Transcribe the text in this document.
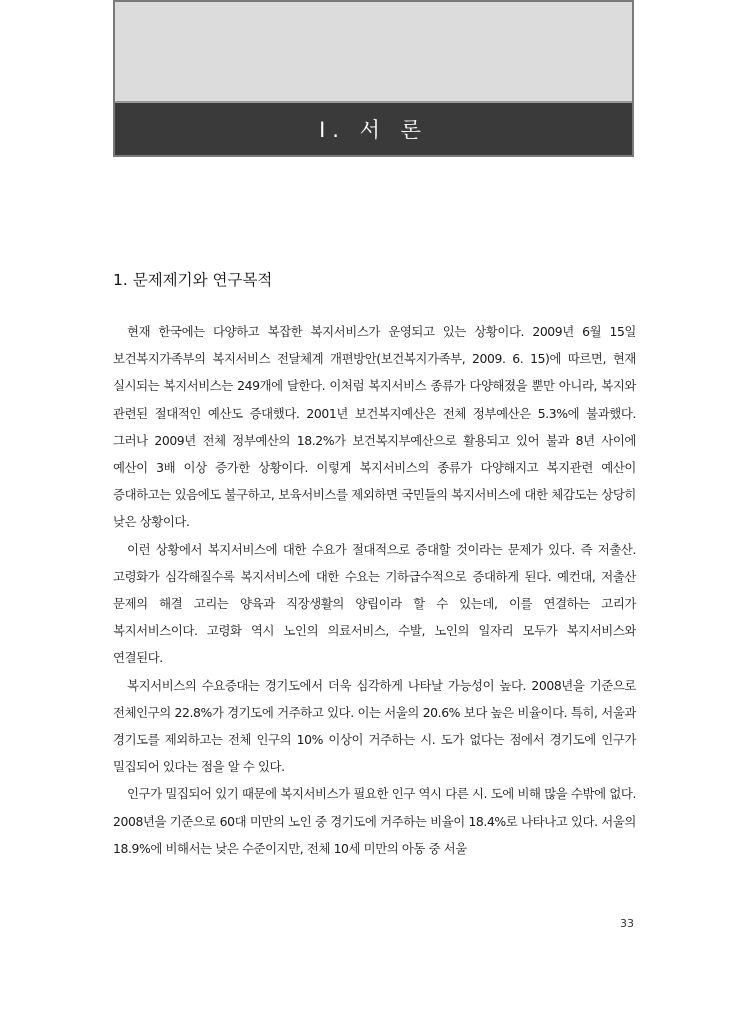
Ⅰ. 서 론
1. 문제제기와 연구목적

현재 한국에는 다양하고 복잡한 복지서비스가 운영되고 있는 상황이다. 2009년 6월 15일 보건복지가족부의 복지서비스 전달체계 개편방안(보건복지가족부, 2009. 6. 15)에 따르면, 현재 실시되는 복지서비스는 249개에 달한다. 이처럼 복지서비스 종류가 다양해졌을 뿐만 아니라, 복지와 관련된 절대적인 예산도 증대했다. 2001년 보건복지예산은 전체 정부예산은 5.3%에 불과했다. 그러나 2009년 전체 정부예산의 18.2%가 보건복지부예산으로 활용되고 있어 불과 8년 사이에 예산이 3배 이상 증가한 상황이다. 이렇게 복지서비스의 종류가 다양해지고 복지관련 예산이 증대하고는 있음에도 불구하고, 보육서비스를 제외하면 국민들의 복지서비스에 대한 체감도는 상당히 낮은 상황이다.

이런 상황에서 복지서비스에 대한 수요가 절대적으로 증대할 것이라는 문제가 있다. 즉 저출산. 고령화가 심각해질수록 복지서비스에 대한 수요는 기하급수적으로 증대하게 된다. 예컨대, 저출산 문제의 해결 고리는 양육과 직장생활의 양립이라 할 수 있는데, 이를 연결하는 고리가 복지서비스이다. 고령화 역시 노인의 의료서비스, 수발, 노인의 일자리 모두가 복지서비스와 연결된다.

복지서비스의 수요증대는 경기도에서 더욱 심각하게 나타날 가능성이 높다. 2008년을 기준으로 전체인구의 22.8%가 경기도에 거주하고 있다. 이는 서울의 20.6% 보다 높은 비율이다. 특히, 서울과 경기도를 제외하고는 전체 인구의 10% 이상이 거주하는 시. 도가 없다는 점에서 경기도에 인구가 밀집되어 있다는 점을 알 수 있다.

인구가 밀집되어 있기 때문에 복지서비스가 필요한 인구 역시 다른 시. 도에 비해 많을 수밖에 없다. 2008년을 기준으로 60대 미만의 노인 중 경기도에 거주하는 비율이 18.4%로 나타나고 있다. 서울의 18.9%에 비해서는 낮은 수준이지만, 전체 10세 미만의 아동 중 서울

33
